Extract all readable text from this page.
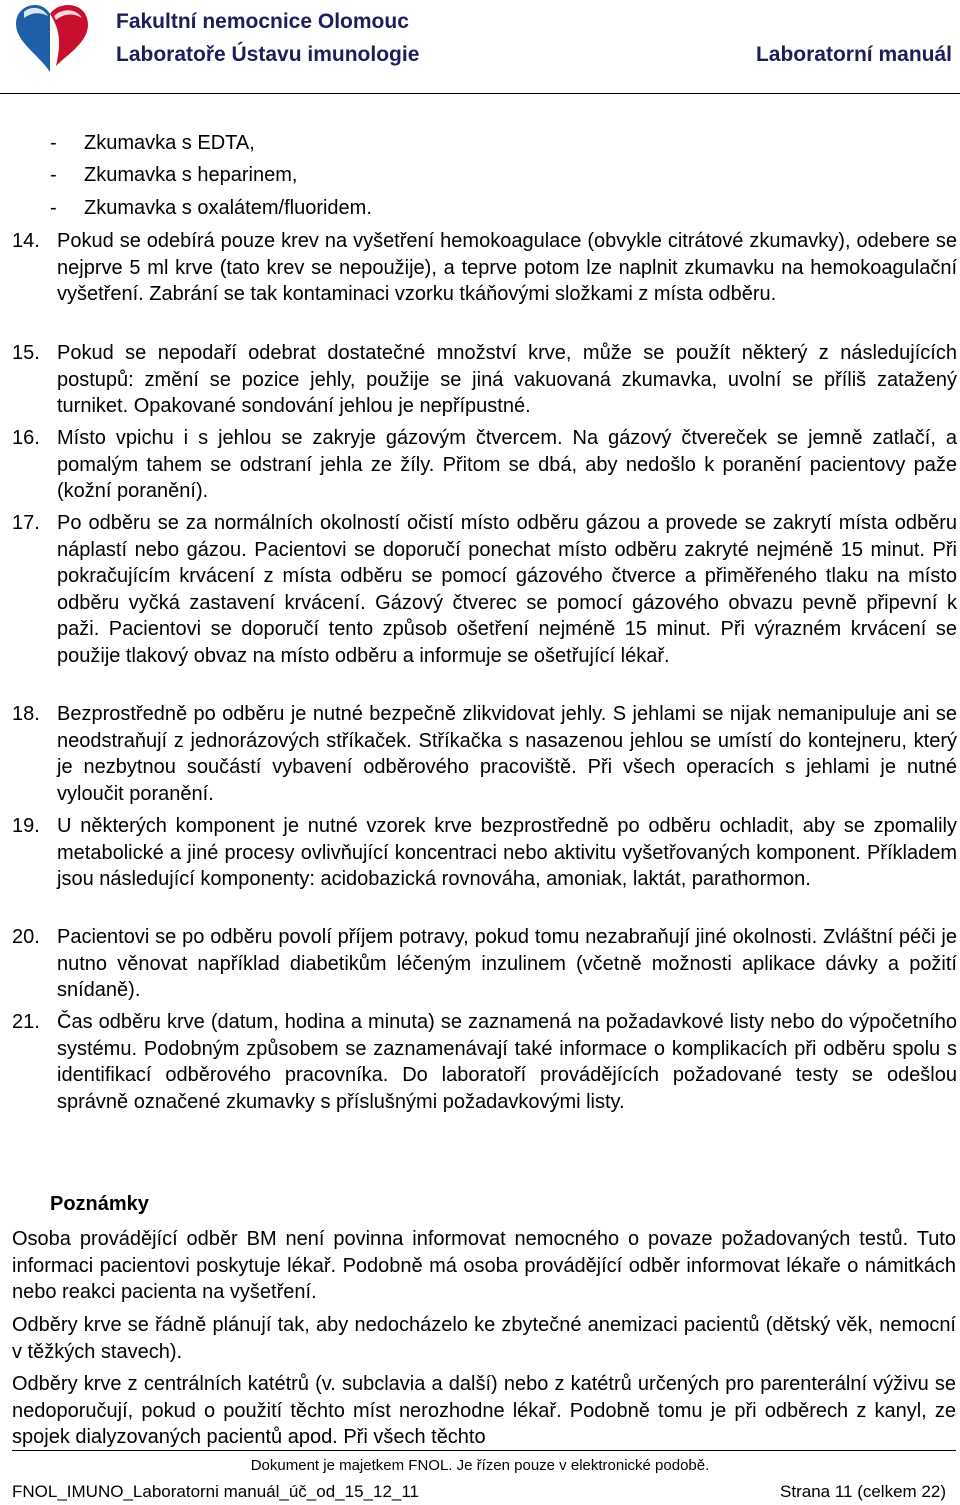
Fakultní nemocnice Olomouc
Laboratoře Ústavu imunologie	Laboratorní manuál
- Zkumavka s EDTA,
- Zkumavka s heparinem,
- Zkumavka s oxalátem/fluoridem.
14. Pokud se odebírá pouze krev na vyšetření hemokoagulace (obvykle citrátové zkumavky), odebere se nejprve 5 ml krve (tato krev se nepoužije), a teprve potom lze naplnit zkumavku na hemokoagulační vyšetření. Zabrání se tak kontaminaci vzorku tkáňovými složkami z místa odběru.
15. Pokud se nepodaří odebrat dostatečné množství krve, může se použít některý z následujících postupů: změní se pozice jehly, použije se jiná vakuovaná zkumavka, uvolní se příliš zatažený turniket. Opakované sondování jehlou je nepřípustné.
16. Místo vpichu i s jehlou se zakryje gázovým čtvercem. Na gázový čtvereček se jemně zatlačí, a pomalým tahem se odstraní jehla ze žíly. Přitom se dbá, aby nedošlo k poranění pacientovy paže (kožní poranění).
17. Po odběru se za normálních okolností očistí místo odběru gázou a provede se zakrytí místa odběru náplastí nebo gázou. Pacientovi se doporučí ponechat místo odběru zakryté nejméně 15 minut. Při pokračujícím krvácení z místa odběru se pomocí gázového čtverce a přiměřeného tlaku na místo odběru vyčká zastavení krvácení. Gázový čtverec se pomocí gázového obvazu pevně připevní k paži. Pacientovi se doporučí tento způsob ošetření nejméně 15 minut. Při výrazném krvácení se použije tlakový obvaz na místo odběru a informuje se ošetřující lékař.
18. Bezprostředně po odběru je nutné bezpečně zlikvidovat jehly. S jehlami se nijak nemanipuluje ani se neodstraňují z jednorázových stříkaček. Stříkačka s nasazenou jehlou se umístí do kontejneru, který je nezbytnou součástí vybavení odběrového pracoviště. Při všech operacích s jehlami je nutné vyloučit poranění.
19. U některých komponent je nutné vzorek krve bezprostředně po odběru ochladit, aby se zpomalily metabolické a jiné procesy ovlivňující koncentraci nebo aktivitu vyšetřovaných komponent. Příkladem jsou následující komponenty: acidobazická rovnováha, amoniak, laktát, parathormon.
20. Pacientovi se po odběru povolí příjem potravy, pokud tomu nezabraňují jiné okolnosti. Zvláštní péči je nutno věnovat například diabetikům léčeným inzulinem (včetně možnosti aplikace dávky a požití snídaně).
21. Čas odběru krve (datum, hodina a minuta) se zaznamená na požadavkové listy nebo do výpočetního systému. Podobným způsobem se zaznamenávají také informace o komplikacích při odběru spolu s identifikací odběrového pracovníka. Do laboratoří provádějících požadované testy se odešlou správně označené zkumavky s příslušnými požadavkovými listy.
Poznámky
Osoba provádějící odběr BM není povinna informovat nemocného o povaze požadovaných testů. Tuto informaci pacientovi poskytuje lékař. Podobně má osoba provádějící odběr informovat lékaře o námitkách nebo reakci pacienta na vyšetření.
Odběry krve se řádně plánují tak, aby nedocházelo ke zbytečné anemizaci pacientů (dětský věk, nemocní v těžkých stavech).
Odběry krve z centrálních katétrů (v. subclavia a další) nebo z katétrů určených pro parenterální výživu se nedoporučují, pokud o použití těchto míst nerozhodne lékař. Podobně tomu je při odběrech z kanyl, ze spojek dialyzovaných pacientů apod. Při všech těchto
Dokument je majetkem FNOL. Je řízen pouze v elektronické podobě.
FNOL_IMUNO_Laboratorni manuál_úč_od_15_12_11	Strana 11 (celkem 22)
